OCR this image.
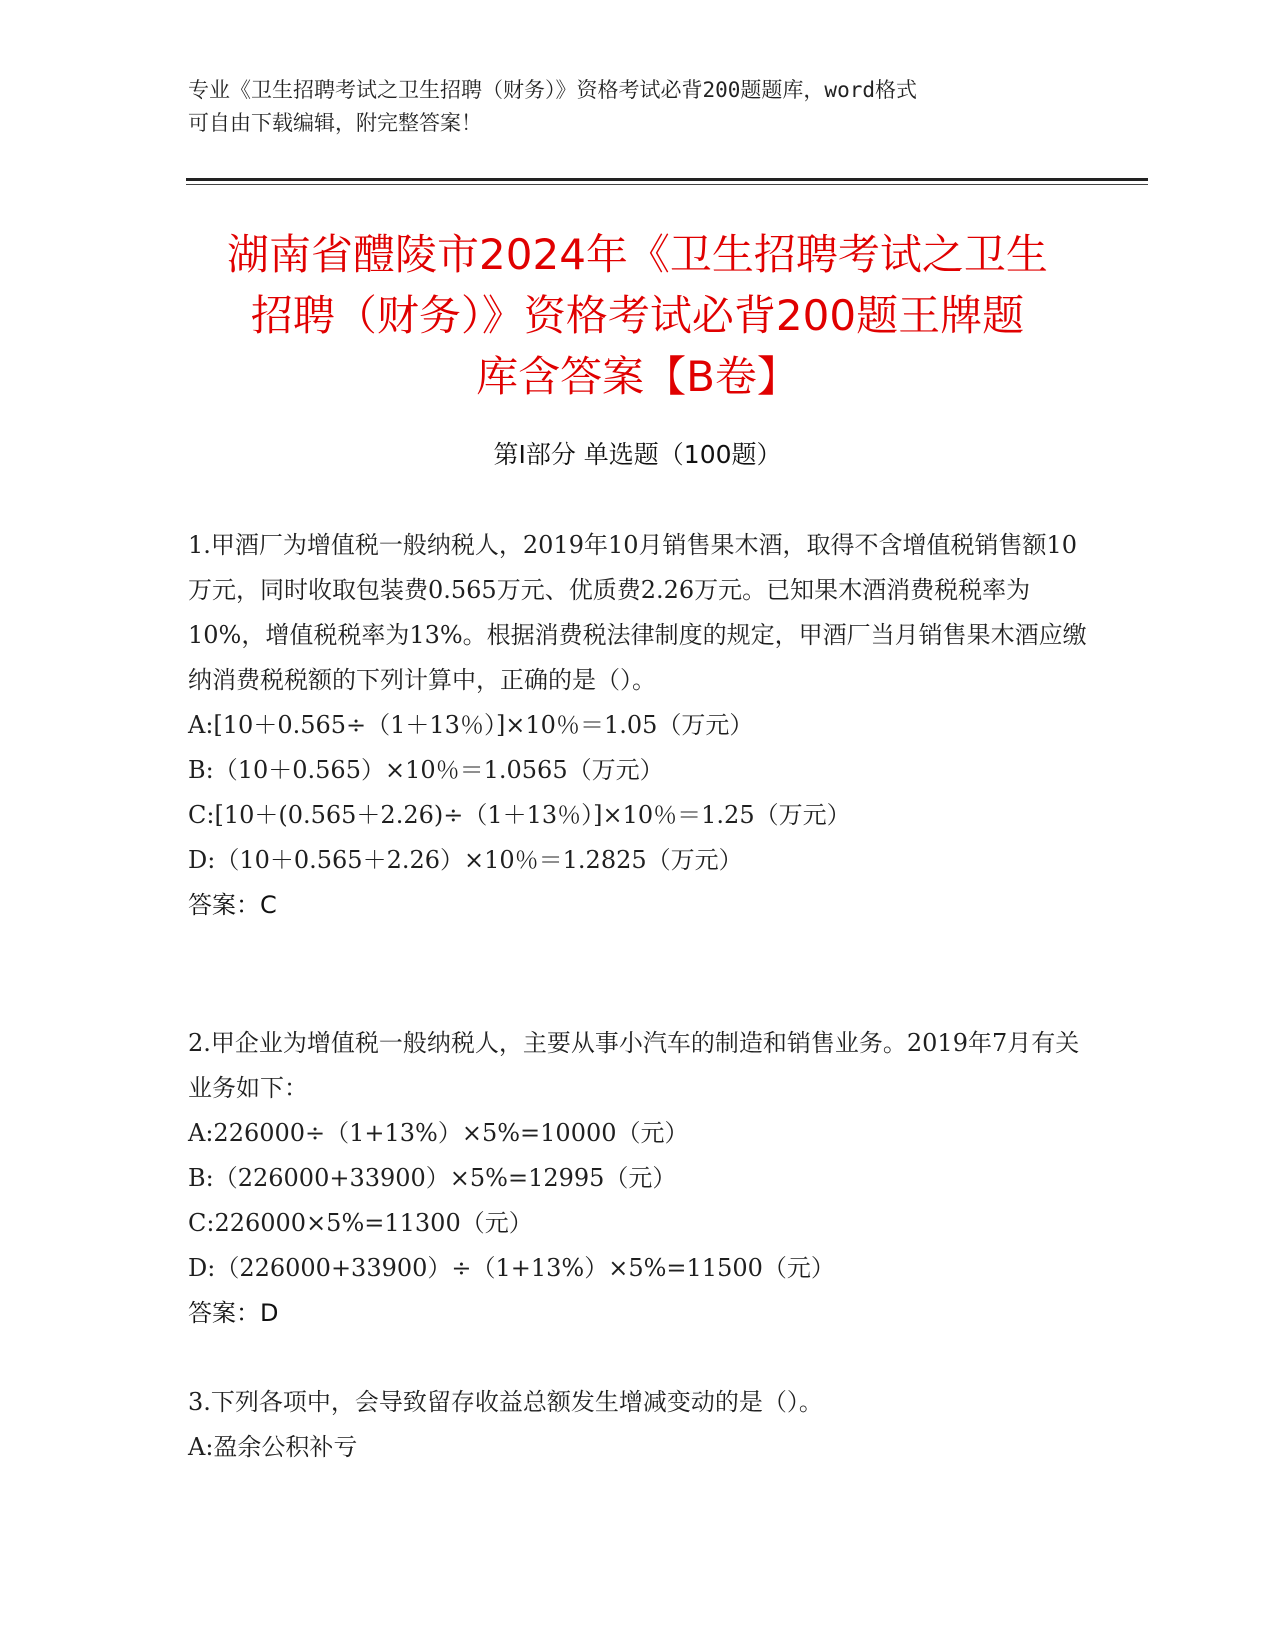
专业《卫生招聘考试之卫生招聘（财务）》资格考试必背200题题库，word格式
可自由下载编辑，附完整答案！
湖南省醴陵市2024年《卫生招聘考试之卫生
招聘（财务）》资格考试必背200题王牌题
库含答案【B卷】
第Ⅰ部分 单选题（100题）

1.甲酒厂为增值税一般纳税人，2019年10月销售果木酒，取得不含增值税销售额10万元，同时收取包装费0.565万元、优质费2.26万元。已知果木酒消费税税率为10%，增值税税率为13%。根据消费税法律制度的规定，甲酒厂当月销售果木酒应缴纳消费税税额的下列计算中，正确的是（）。

A:[10＋0.565÷（1＋13％）]×10％＝1.05（万元）

B:（10＋0.565）×10％＝1.0565（万元）

C:[10＋(0.565＋2.26)÷（1＋13％）]×10％＝1.25（万元）

D:（10＋0.565＋2.26）×10％＝1.2825（万元）

答案：C

2.甲企业为增值税一般纳税人，主要从事小汽车的制造和销售业务。2019年7月有关业务如下：

A:226000÷（1+13%）×5%=10000（元）

B:（226000+33900）×5%=12995（元）

C:226000×5%=11300（元）

D:（226000+33900）÷（1+13%）×5%=11500（元）

答案：D

3.下列各项中，会导致留存收益总额发生增减变动的是（）。

A:盈余公积补亏
